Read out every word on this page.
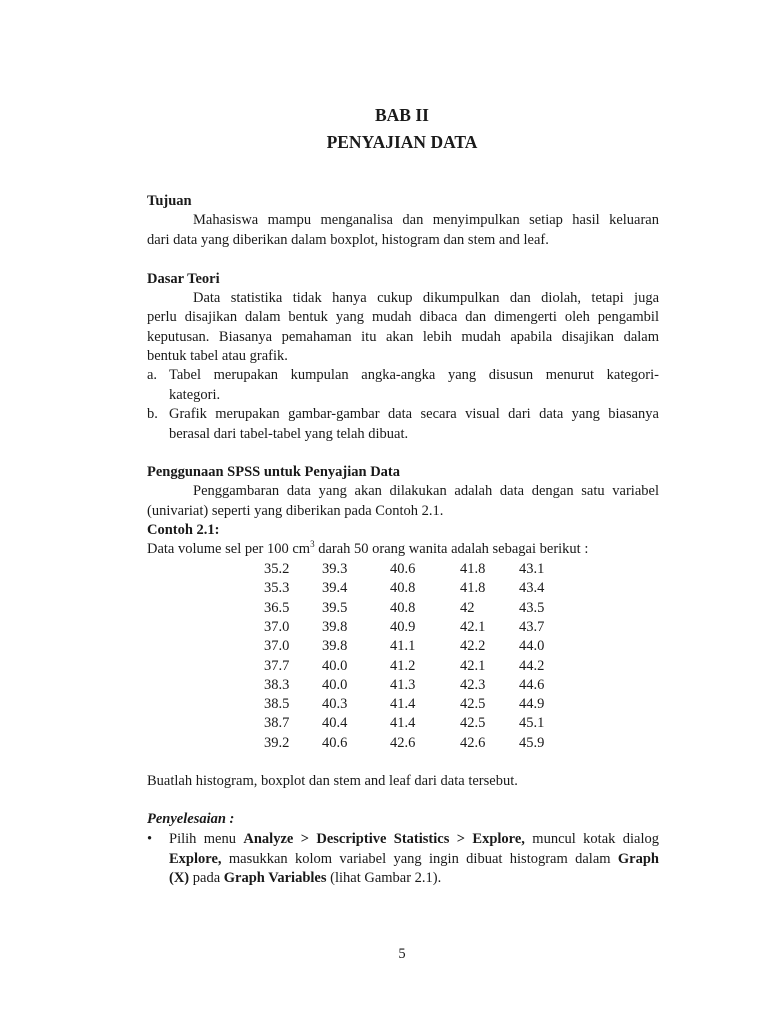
BAB II
PENYAJIAN DATA
Tujuan
Mahasiswa mampu menganalisa dan menyimpulkan setiap hasil keluaran
dari data yang diberikan dalam boxplot, histogram dan stem and leaf.
Dasar Teori
Data statistika tidak hanya cukup dikumpulkan dan diolah, tetapi juga
perlu disajikan dalam bentuk yang mudah dibaca dan dimengerti oleh pengambil
keputusan. Biasanya pemahaman itu akan lebih mudah apabila disajikan dalam
bentuk tabel atau grafik.
a. Tabel merupakan kumpulan angka-angka yang disusun menurut kategori-
kategori.
b. Grafik merupakan gambar-gambar data secara visual dari data yang biasanya
berasal dari tabel-tabel yang telah dibuat.
Penggunaan SPSS untuk Penyajian Data
Penggambaran data yang akan dilakukan adalah data dengan satu variabel
(univariat) seperti yang diberikan pada Contoh 2.1.
Contoh 2.1:
Data volume sel per 100 $cm^3$ darah 50 orang wanita adalah sebagai berikut :
35.2 39.3	40.6	41.8 43.1
35.3 39.4	40.8	41.8 43.4
36.5 39.5	40.8	42	43.5
37.0 39.8	40.9	42.1 43.7
37.0 39.8	41.1	42.2 44.0
37.7 40.0	41.2	42.1 44.2
38.3 40.0	41.3	42.3 44.6
38.5 40.3	41.4	42.5 44.9
38.7 40.4	41.4	42.5 45.1
39.2 40.6	42.6	42.6 45.9
Buatlah histogram, boxplot dan stem and leaf dari data tersebut.
Penyelesaian :
• Pilih menu Analyze > Descriptive Statistics > Explore, muncul kotak dialog
Explore, masukkan kolom variabel yang ingin dibuat histogram dalam Graph
(X) pada Graph Variables (lihat Gambar 2.1).
5
